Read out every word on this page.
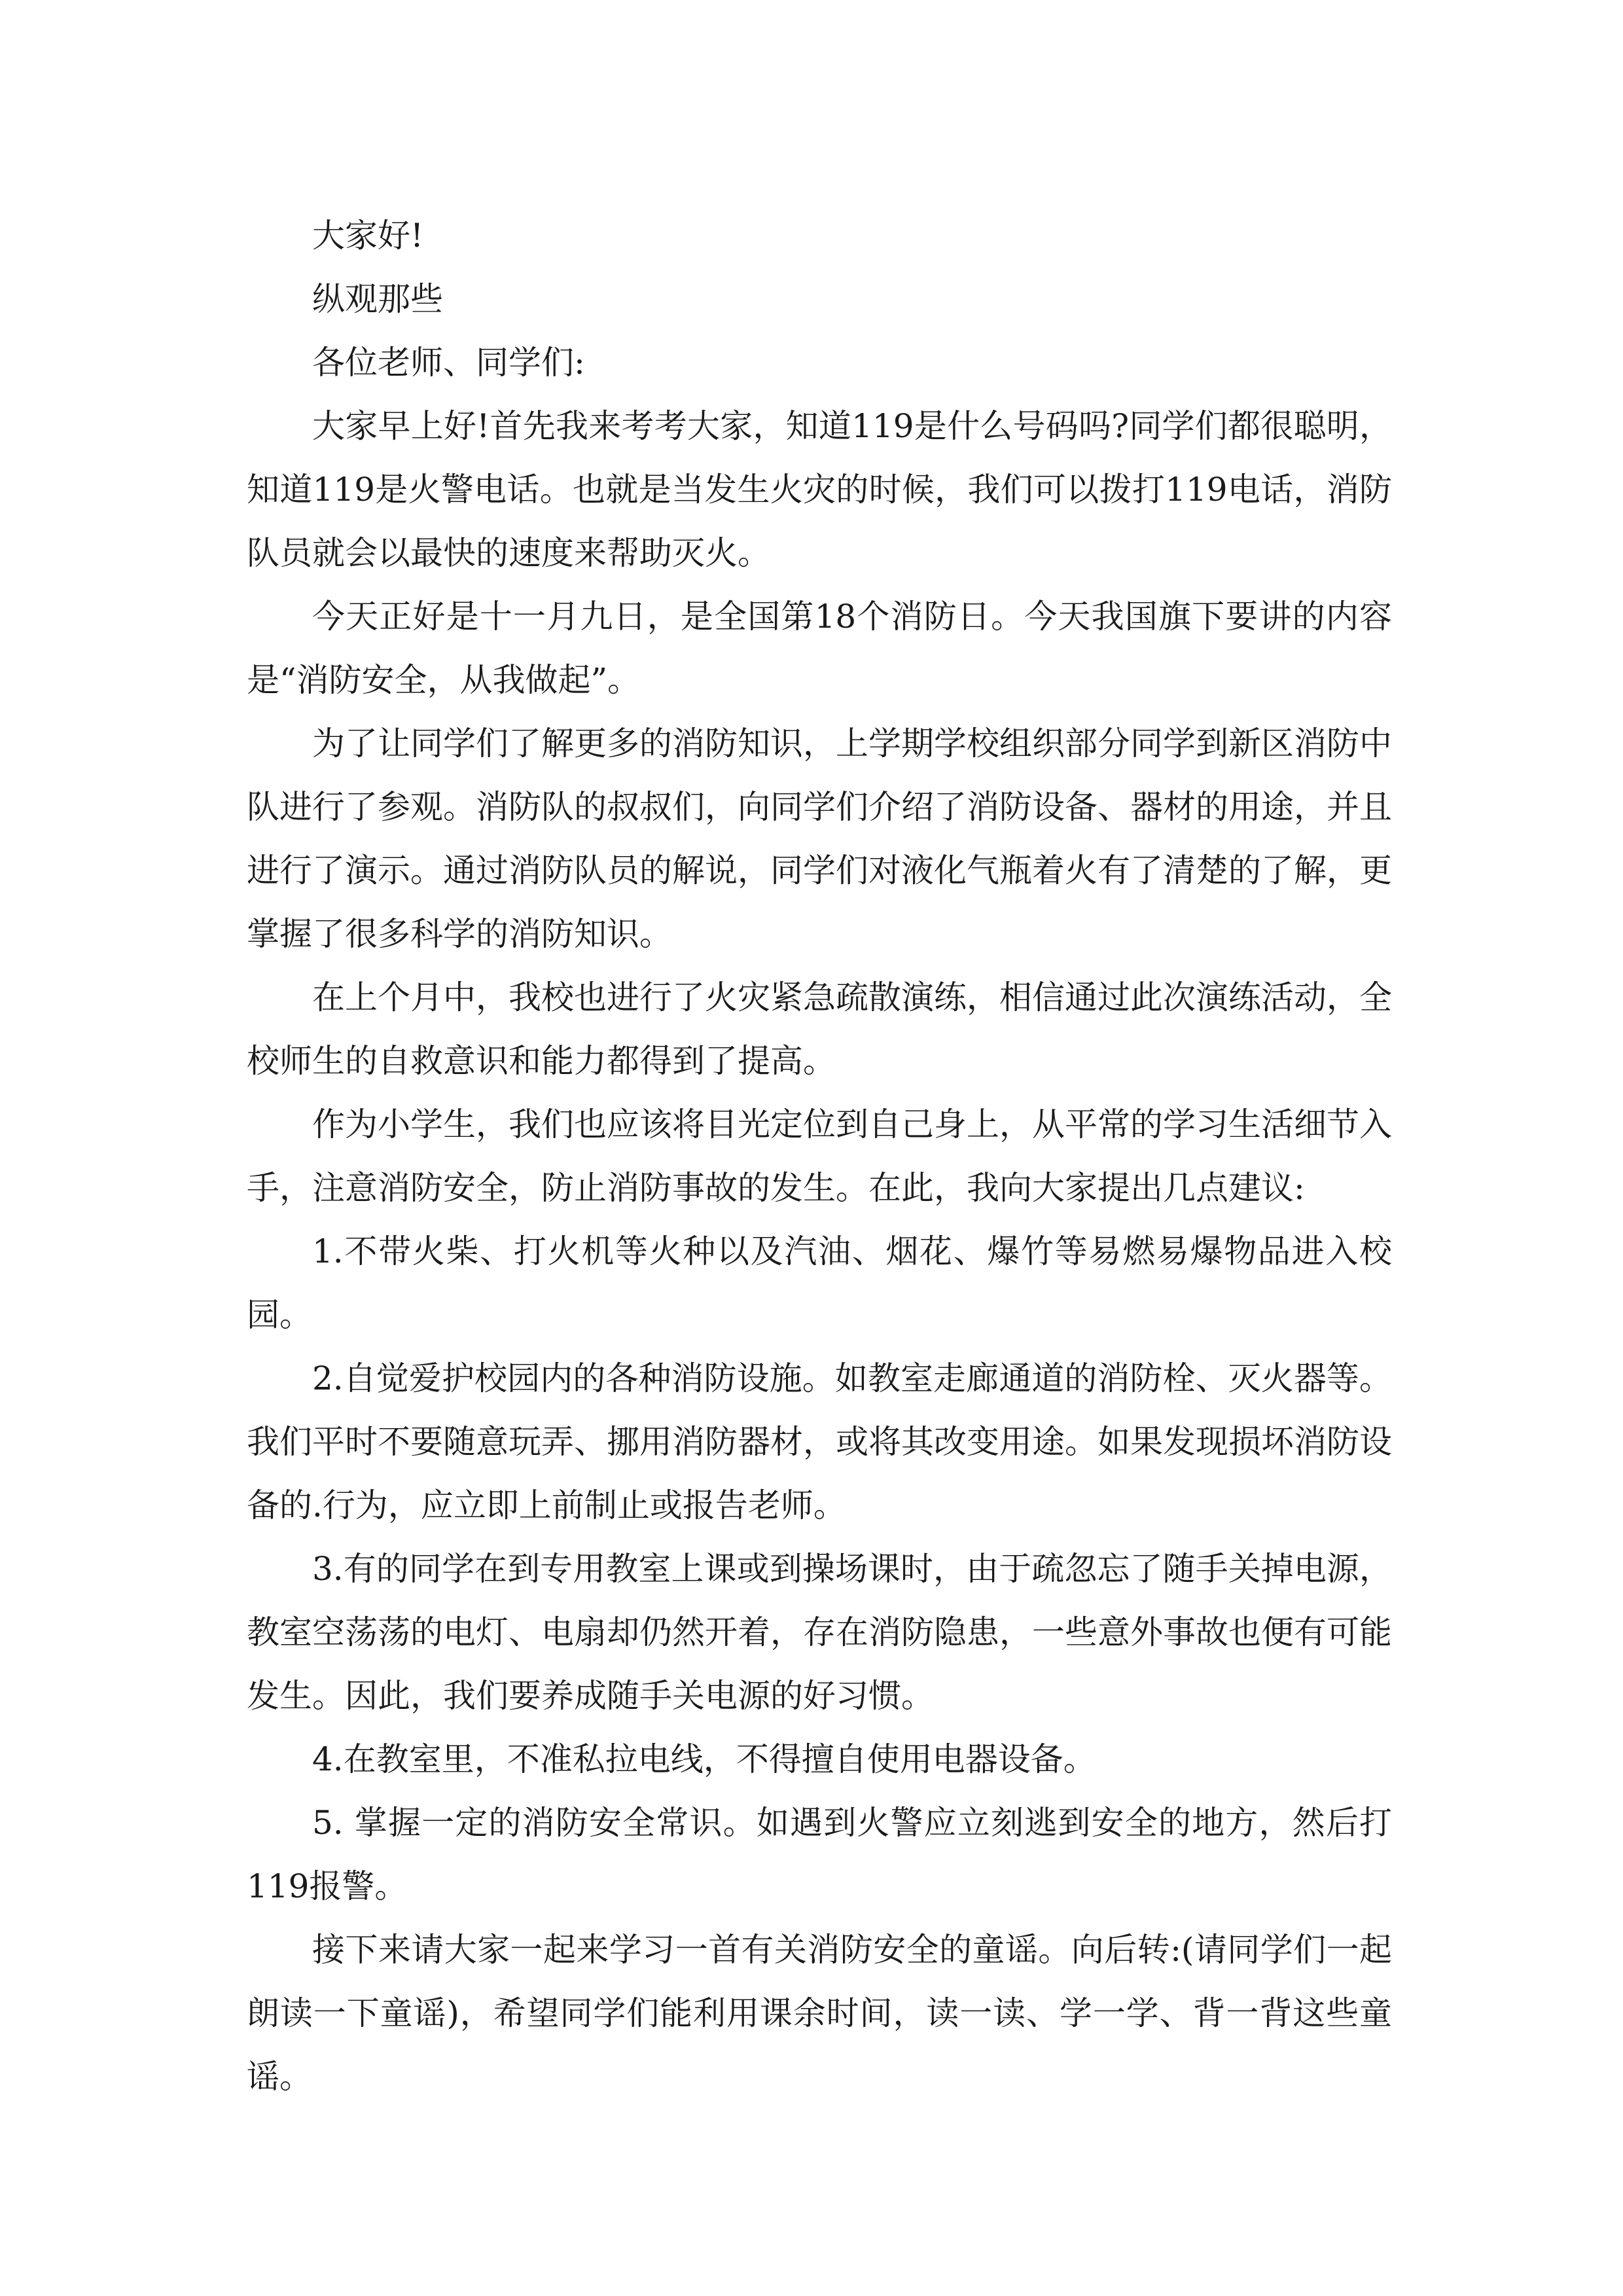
大家好!

纵观那些

各位老师、同学们:

大家早上好!首先我来考考大家，知道119是什么号码吗?同学们都很聪明，知道119是火警电话。也就是当发生火灾的时候，我们可以拨打119电话，消防队员就会以最快的速度来帮助灭火。

今天正好是十一月九日，是全国第18个消防日。今天我国旗下要讲的内容是“消防安全，从我做起”。

为了让同学们了解更多的消防知识，上学期学校组织部分同学到新区消防中队进行了参观。消防队的叔叔们，向同学们介绍了消防设备、器材的用途，并且进行了演示。通过消防队员的解说，同学们对液化气瓶着火有了清楚的了解，更掌握了很多科学的消防知识。

在上个月中，我校也进行了火灾紧急疏散演练，相信通过此次演练活动，全校师生的自救意识和能力都得到了提高。

作为小学生，我们也应该将目光定位到自己身上，从平常的学习生活细节入手，注意消防安全，防止消防事故的发生。在此，我向大家提出几点建议:

1.不带火柴、打火机等火种以及汽油、烟花、爆竹等易燃易爆物品进入校园。

2.自觉爱护校园内的各种消防设施。如教室走廊通道的消防栓、灭火器等。我们平时不要随意玩弄、挪用消防器材，或将其改变用途。如果发现损坏消防设备的.行为，应立即上前制止或报告老师。

3.有的同学在到专用教室上课或到操场课时，由于疏忽忘了随手关掉电源，教室空荡荡的电灯、电扇却仍然开着，存在消防隐患，一些意外事故也便有可能发生。因此，我们要养成随手关电源的好习惯。

4.在教室里，不准私拉电线，不得擅自使用电器设备。

5. 掌握一定的消防安全常识。如遇到火警应立刻逃到安全的地方，然后打119报警。

接下来请大家一起来学习一首有关消防安全的童谣。向后转:(请同学们一起朗读一下童谣)，希望同学们能利用课余时间，读一读、学一学、背一背这些童谣。
